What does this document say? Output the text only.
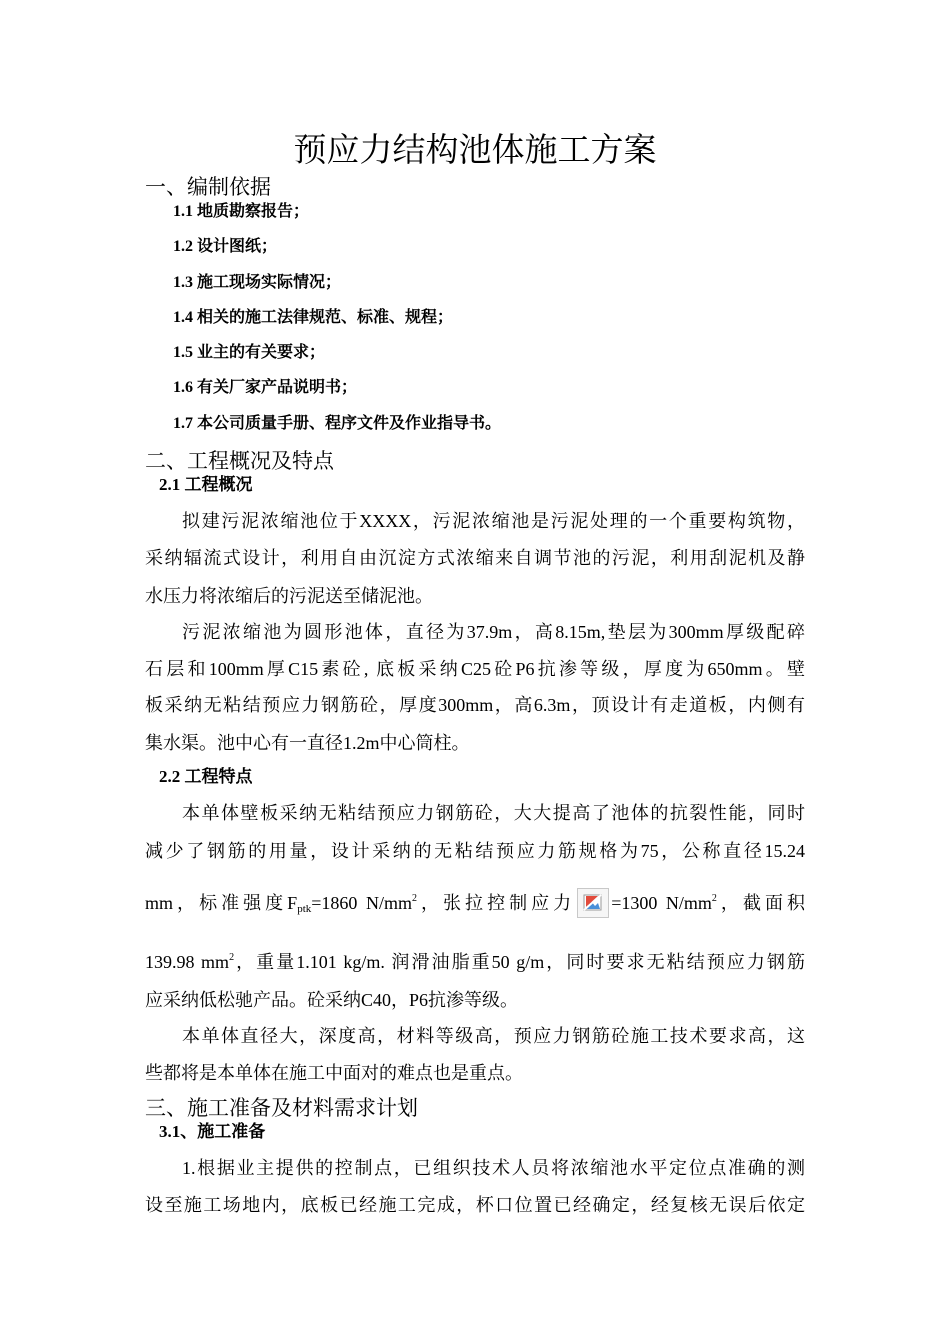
预应力结构池体施工方案
一、编制依据
1.1 地质勘察报告；
1.2 设计图纸；
1.3 施工现场实际情况；
1.4 相关的施工法律规范、标准、规程；
1.5 业主的有关要求；
1.6 有关厂家产品说明书；
1.7 本公司质量手册、程序文件及作业指导书。
二、工程概况及特点
2.1 工程概况
拟建污泥浓缩池位于XXXX，污泥浓缩池是污泥处理的一个重要构筑物，
采纳辐流式设计，利用自由沉淀方式浓缩来自调节池的污泥，利用刮泥机及静
水压力将浓缩后的污泥送至储泥池。
污泥浓缩池为圆形池体，直径为37.9m，高8.15m,垫层为300mm厚级配碎
石层和100mm厚C15素砼, 底板采纳C25砼P6抗渗等级，厚度为650mm。壁
板采纳无粘结预应力钢筋砼，厚度300mm，高6.3m，顶设计有走道板，内侧有
集水渠。池中心有一直径1.2m中心筒柱。
2.2 工程特点
本单体壁板采纳无粘结预应力钢筋砼，大大提高了池体的抗裂性能，同时
减少了钢筋的用量，设计采纳的无粘结预应力筋规格为75，公称直径15.24
mm，标准强度$F_{ptk}=1860$ $N/mm^2$，张拉控制应力 =1300 $N/mm^2$，截面积
139.98 $mm^2$，重量1.101 kg/m. 润滑油脂重50 g/m，同时要求无粘结预应力钢筋
应采纳低松驰产品。砼采纳C40，P6抗渗等级。
本单体直径大，深度高，材料等级高，预应力钢筋砼施工技术要求高，这
些都将是本单体在施工中面对的难点也是重点。
三、施工准备及材料需求计划
3.1、施工准备
1.根据业主提供的控制点，已组织技术人员将浓缩池水平定位点准确的测
设至施工场地内，底板已经施工完成，杯口位置已经确定，经复核无误后依定
